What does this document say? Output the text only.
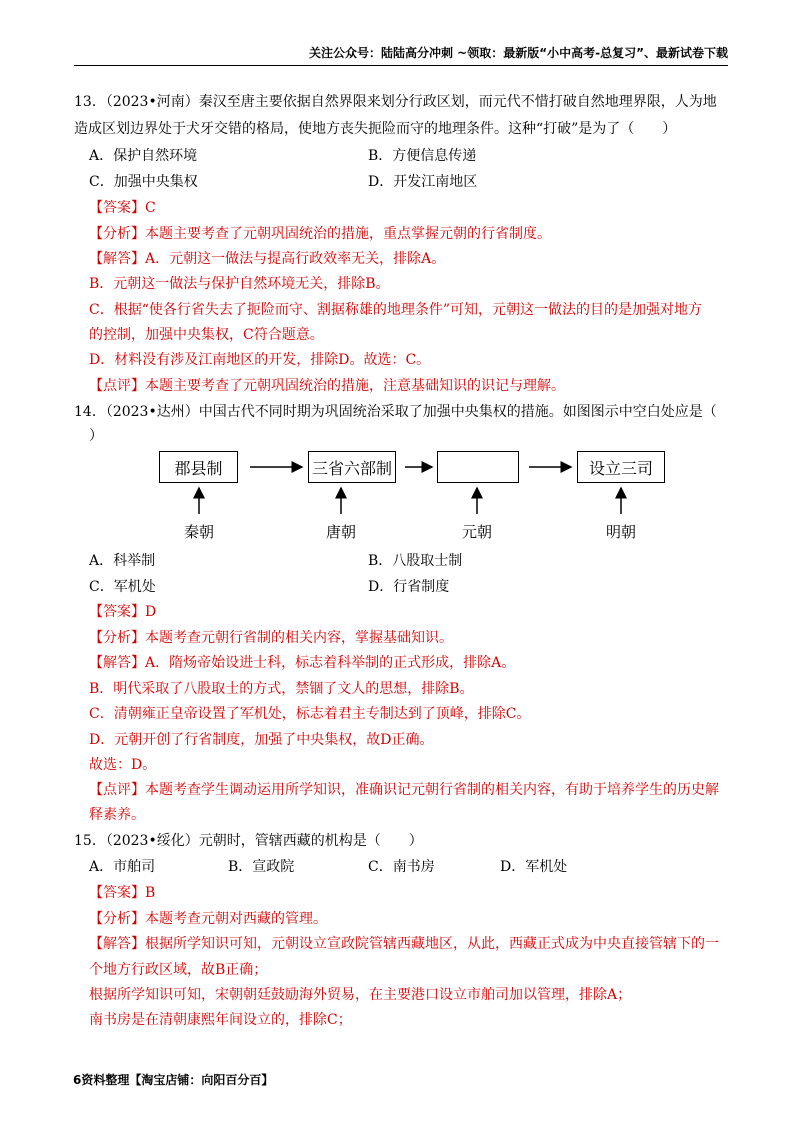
关注公众号：陆陆高分冲刺 ~领取：最新版“小中高考-总复习”、最新试卷下载
13．（2023•河南）秦汉至唐主要依据自然界限来划分行政区划，而元代不惜打破自然地理界限，人为地
造成区划边界处于犬牙交错的格局，使地方丧失扼险而守的地理条件。这种“打破”是为了（　　）
A．保护自然环境	B．方便信息传递
C．加强中央集权	D．开发江南地区
【答案】C
【分析】本题主要考查了元朝巩固统治的措施，重点掌握元朝的行省制度。
【解答】A．元朝这一做法与提高行政效率无关，排除A。
B．元朝这一做法与保护自然环境无关，排除B。
C．根据“使各行省失去了扼险而守、割据称雄的地理条件”可知，元朝这一做法的目的是加强对地方
的控制，加强中央集权，C符合题意。
D．材料没有涉及江南地区的开发，排除D。故选：C。
【点评】本题主要考查了元朝巩固统治的措施，注意基础知识的识记与理解。
14．（2023•达州）中国古代不同时期为巩固统治采取了加强中央集权的措施。如图图示中空白处应是（
）
郡县制	三省六部制	设立三司
秦朝	唐朝	元朝	明朝
A．科举制	B．八股取士制
C．军机处	D．行省制度
【答案】D
【分析】本题考查元朝行省制的相关内容，掌握基础知识。
【解答】A．隋炀帝始设进士科，标志着科举制的正式形成，排除A。
B．明代采取了八股取士的方式，禁锢了文人的思想，排除B。
C．清朝雍正皇帝设置了军机处，标志着君主专制达到了顶峰，排除C。
D．元朝开创了行省制度，加强了中央集权，故D正确。
故选：D。
【点评】本题考查学生调动运用所学知识，准确识记元朝行省制的相关内容，有助于培养学生的历史解
释素养。
15．（2023•绥化）元朝时，管辖西藏的机构是（　　）
A．市舶司	B．宣政院	C．南书房	D．军机处
【答案】B
【分析】本题考查元朝对西藏的管理。
【解答】根据所学知识可知，元朝设立宣政院管辖西藏地区，从此，西藏正式成为中央直接管辖下的一
个地方行政区域，故B正确；
根据所学知识可知，宋朝朝廷鼓励海外贸易，在主要港口设立市舶司加以管理，排除A；
南书房是在清朝康熙年间设立的，排除C；
6资料整理【淘宝店铺：向阳百分百】
